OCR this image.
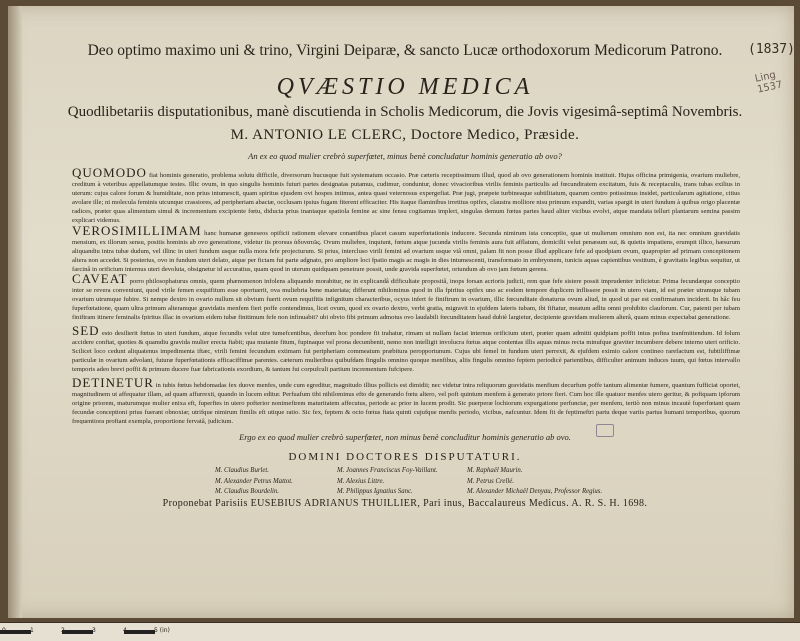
Deo optimo maximo uni & trino, Virgini Deiparæ, & sancto Lucæ orthodoxorum Medicorum Patrono.	(1837)
Ling 1537
QVÆSTIO MEDICA
Quodlibetariis disputationibus, manè discutienda in Scholis Medicorum, die Jovis vigesimâ-septimâ Novembris.
M. ANTONIO LE CLERC, Doctore Medico, Præside.
An ex eo quod mulier crebrò superfœtet, minus benè concludatur hominis generatio ab ovo?
QUOMODO fiat hominis generatio, problema solutu difficile, diversorum hucusque fuit systematum occasio. Præ cæteris receptissimum illud, quod ab ovo generationem hominis instituit. Hujus officina primigenia, ovarium muliebre, creditum à veteribus appellatumque testes. Illic ovum, in quo singulis hominis futuri partes designatas putamus, cudimur, conduntur, donec vivacioribus virilis feminis particulis ad fœcundiratem excitatum, fuis & receptaculis, trans tubas exilius in uterum: cujus calore forum & humiditate, non prius intumescit, quam spiritus ejusdem ovi hospes intimus, antea quasi veternosus expergefiat. Præ jugi, præpete turbineaque subtilitatum, quarum centro potissimus insidet, particularum agitatione, citius avolare ille; ni molecula feminis utcunque crassiores, ad peripheriam abactæ, occlusam ipsius fugam fiterent efficaciter. His itaque flaminibus irretitus opifex, claustra molliore nisu primum expandit, varias spargit in uteri fundum à quibus origo placentæ radices, præter quas alimentum simul & incrementum excipiente fœtu, diducta prius inaniaque spatiola femine ac sine fensu cogitamus impleri, singulas demum fœtus partes haud aliter vicibus evolvi, atque mandata telluri plantarum semina passim explicari videmus.
VEROSIMILLIMAM hanc humanæ geneseos opificii rationem elevare conantibus placet casum superfœtationis inducere. Secunda nimirum ista conceptio, quæ ut mulierum omnium non est, ita nec omnium gravidatis mensium, ex illorum sensu, positis hominis ab ovo generatione, videtur iis prorsus ἀδυνατῶς. Ovum muliebre, inquiunt, fœtum atque jucunda virilis feminis aura fuit afflatum, domicilii velut penæsum sui, & quietis impatiens, erumpit illico, hæsurum aliquandiu intra tubæ dudum, vel illinc in uteri fundum usque nulla mora fefe projecturum. Si prius, intercluso virili femini ad ovarium usque viâ omni, palam fit non posse illud applicare fefe ad quodpiam ovum, quapropter ad primam conceptionem altera non accedet. Si posterius, ovo in fundum uteri delato, atque per fictam fui parte adgnato, pro ampliore loci fpatio magis ac magis in dies intumescenti, transformato in embryonem, tunicis aquas capientibus vestitum, è gravitatis legibus sequitur, ut farcinâ in orificium internus uteri devoluta, obsignetur id accuratius, quam quod in uterum quidquam penetrare possit, unde gravida superfœtet, oriundum ab ovo jam fœtum gerens.
CAVEAT porro philosophaturus omnis, quem phænomenon infolens aliquando morabitur, ne in explicandâ difficultate propositâ, inops forsan acrioris judicii, rem quæ fefe sistere possit imprudenter inficietur. Prima fecundæque conceptio inter se revera conveniunt, quod virile femen exquifitum esse oportuerit, ova muliebria bene materiata; differunt nihilominus quod in illa fpiritus opifex uno ac eodem tempore duplicem inflissere possit in utero viam, id est præter utramque tubam ovarium utrumque fubire. Si nempe dextro in ovario nullum sit obvium fuerit ovum requifitis infignitum characteribus, ocyus infert fe finiftrum in ovarium, illic fœcunditate donaturus ovum aliud, in quod ut par est confirmatum inciderit. In hâc feu fuperfœtatione, quam ultra primum alteramque gravidatis menfem fieri poffe contendimus, licet ovum, quod ex ovario dextro, verbi gratia, migravit in ejufdem lateris tubam, ibi fiftatur, meatum adltu omni prohibito clauforum. Cur, patenti per tubam finiftram itinere feminalis fpiritus illac in ovarium eidem tubæ finitimum fefe non infinuabit? ubi obvio fibi primum admotus ovo laudabili fœcunditatem haud dubiè largietur, decipiente gravidam mulierem alterâ, quam minus expectabat generatione.
SED esto desilierit fœtus in uteri fundum, atque fecundis velut utre tumefcentibus, deorfum hoc pondere fit trahatur, rimam ut nullam faciat internus orificium uteri, præter quam admitti quidpiam poffit intus poftea tranfmittendum. Id folum accidere conftat, quoties & quamdiu gravida mulier erecta ftabit; qua mutante fitum, fupinaque vel prona decumbenti, nemo non intelligit involucra fœtus atque contentas illis aquas minus recta minufque graviter incumbere debere interno uteri orificio. Scilicet loco cedunt aliquatenus impedimenta iftæc, virili femini fecundum extimam fui peripheriam commeatum præbitura peropportunum. Cujus ubi femel in fundum uteri perrexit, & ejufdem eximio calore contineo rarefactum est, fubtiliffimæ particulæ in ovarium advolant, futuræ fuperfœtationis efficaciffimæ parentes. cæterum mulieribus quibufdam fingulis omnino quoque menfibus, aliis fingulis omnino feptem periodicè parientibus, difficulter animum induces tuum, qui fœtus intervallo temporis adeo brevi poffit & primum ducere fuæ fabricationis exordium, & tantum fui corpufculi partium incrementum fufcipere.
DETINETUR in tubis fœtus hebdomadas fex duove menfes, unde cum egreditur, magnitudo illius pollicis est dimidii; nec videtur intra reliquorum gravidatis menfium decurfum poffe tantum alimentæ fumere, quantum fufficiat oportet, magnitudinem ut affequatur illam, ad quam affurrexit, quando in lucem editur. Perfuafum tibi nihilominus efto de generando fœtu altero, vel poft quintum menfem à generato priore fieri. Cum hoc ille quatuor menfes utero geritur, & poftquam ipforum origine priorem, maturumque mulier enixa eft, fuperftes in utero pofterior nonimeftrem maturitatem affecutus, periode ac prior in lucem prodit. Sic puerperæ lochiorum expurgatione perfunctæ, per menfem, tertiò non minus incautè fuperfœtant quam fecundæ conceptioni prius fuerant obnoxiæ; utrifque nimirum fimilis eft utique ratio. Sic fex, feptem & octo fœtus ftata quinti cujufque menfis periodo, vicibus, nafcuntur. Idem fit de feptimeftri partu deque variis partus humani temporibus, quorum frequentiora proftant exempla, proportione fervatâ, judicium.
Ergo ex eo quod mulier crebrò superfœtet, non minus benè concluditur hominis generatio ab ovo.
DOMINI DOCTORES DISPUTATURI.
M. Claudius Burlet.	M. Joannes Franciscus Foy-Vaillant.	M. Raphaël Maurin.
M. Alexander Petrus Mattot.	M. Alexius Littre.	M. Petrus Crellé.
M. Claudius Bourdelin.	M. Philippus Ignatius Sanc.	M. Alexander Michaël Denyau, Professor Regius.
Proponebat Parisiis EUSEBIUS ADRIANUS THUILLIER, Pari inus, Baccalaureus Medicus. A. R. S. H. 1698.
0	1	2	3	4	5 (in)
